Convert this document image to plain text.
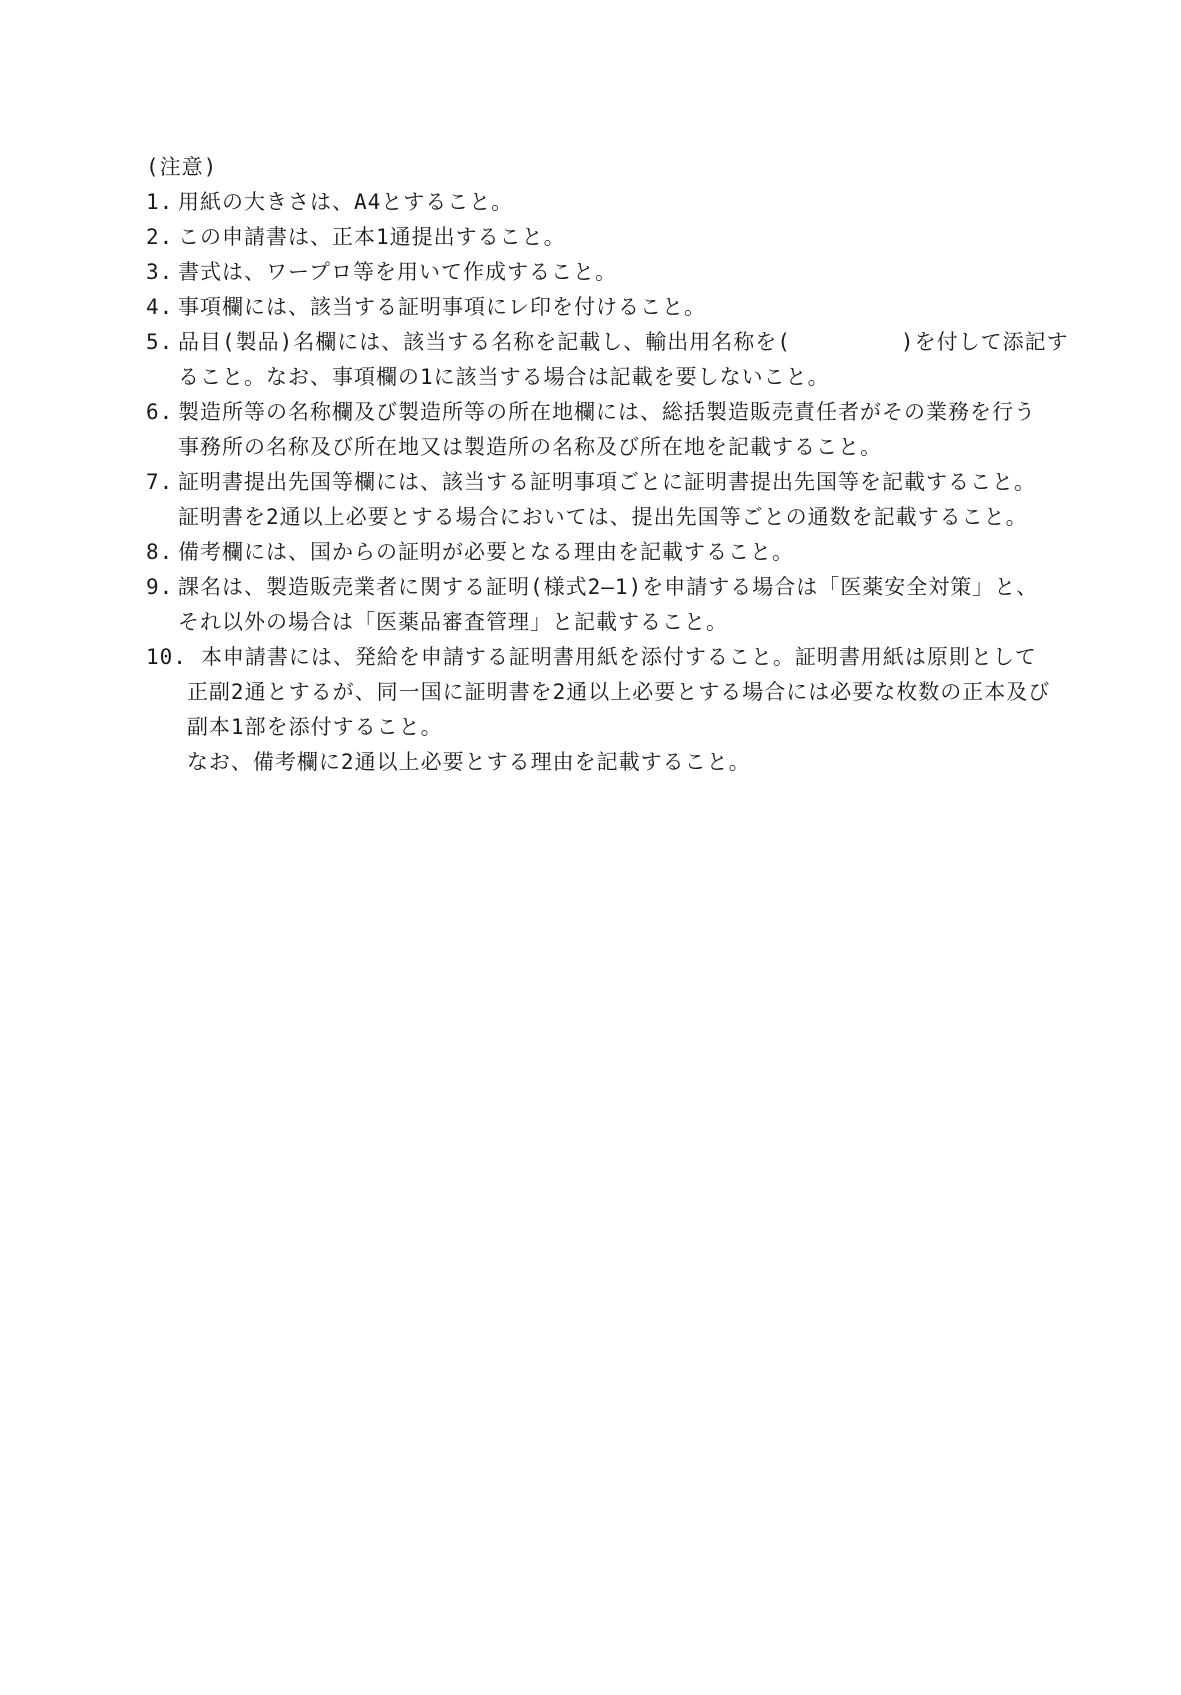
(注意)
1. 用紙の大きさは、A4とすること。
2. この申請書は、正本1通提出すること。
3. 書式は、ワープロ等を用いて作成すること。
4. 事項欄には、該当する証明事項にレ印を付けること。
5. 品目(製品)名欄には、該当する名称を記載し、輸出用名称を(　　　　　)を付して添記す
ること。なお、事項欄の1に該当する場合は記載を要しないこと。
6. 製造所等の名称欄及び製造所等の所在地欄には、総括製造販売責任者がその業務を行う
事務所の名称及び所在地又は製造所の名称及び所在地を記載すること。
7. 証明書提出先国等欄には、該当する証明事項ごとに証明書提出先国等を記載すること。
証明書を2通以上必要とする場合においては、提出先国等ごとの通数を記載すること。
8. 備考欄には、国からの証明が必要となる理由を記載すること。
9. 課名は、製造販売業者に関する証明(様式2—1)を申請する場合は「医薬安全対策」と、
それ以外の場合は「医薬品審査管理」と記載すること。
10. 本申請書には、発給を申請する証明書用紙を添付すること。証明書用紙は原則として
正副2通とするが、同一国に証明書を2通以上必要とする場合には必要な枚数の正本及び
副本1部を添付すること。
なお、備考欄に2通以上必要とする理由を記載すること。
